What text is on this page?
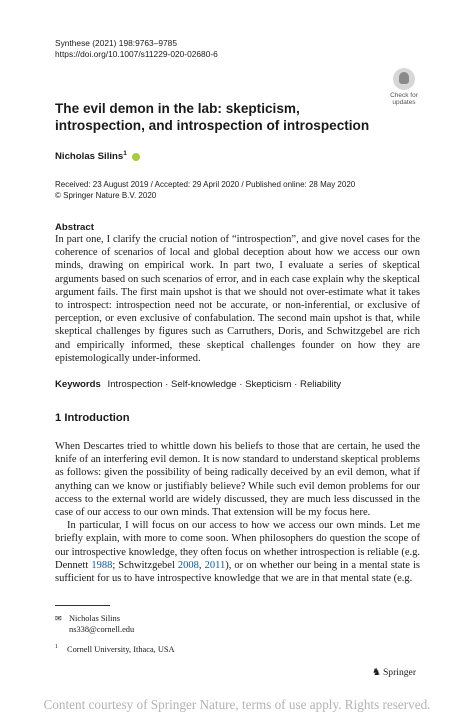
Synthese (2021) 198:9763–9785
https://doi.org/10.1007/s11229-020-02680-6
Check for
updates
The evil demon in the lab: skepticism, introspection, and introspection of introspection
Nicholas Silins$^1$
Received: 23 August 2019 / Accepted: 29 April 2020 / Published online: 28 May 2020
© Springer Nature B.V. 2020
Abstract
In part one, I clarify the crucial notion of “introspection”, and give novel cases for the coherence of scenarios of local and global deception about how we access our own minds, drawing on empirical work. In part two, I evaluate a series of skeptical arguments based on such scenarios of error, and in each case explain why the skeptical argument fails. The first main upshot is that we should not over-estimate what it takes to introspect: introspection need not be accurate, or non-inferential, or exclusive of perception, or even exclusive of confabulation. The second main upshot is that, while skeptical challenges by figures such as Carruthers, Doris, and Schwitzgebel are rich and empirically informed, these skeptical challenges founder on how they are epistemologically under-informed.
Keywords Introspection · Self-knowledge · Skepticism · Reliability
1 Introduction

When Descartes tried to whittle down his beliefs to those that are certain, he used the knife of an interfering evil demon. It is now standard to understand skeptical problems as follows: given the possibility of being radically deceived by an evil demon, what if anything can we know or justifiably believe? While such evil demon problems for our access to the external world are widely discussed, they are much less discussed in the case of our access to our own minds. That extension will be my focus here.

In particular, I will focus on our access to how we access our own minds. Let me briefly explain, with more to come soon. When philosophers do question the scope of our introspective knowledge, they often focus on whether introspection is reliable (e.g. Dennett 1988; Schwitzgebel 2008, 2011), or on whether our being in a mental state is sufficient for us to have introspective knowledge that we are in that mental state (e.g.

✉ Nicholas Silins
ns338@cornell.edu
$^1$ Cornell University, Ithaca, USA
♞ Springer
Content courtesy of Springer Nature, terms of use apply. Rights reserved.
